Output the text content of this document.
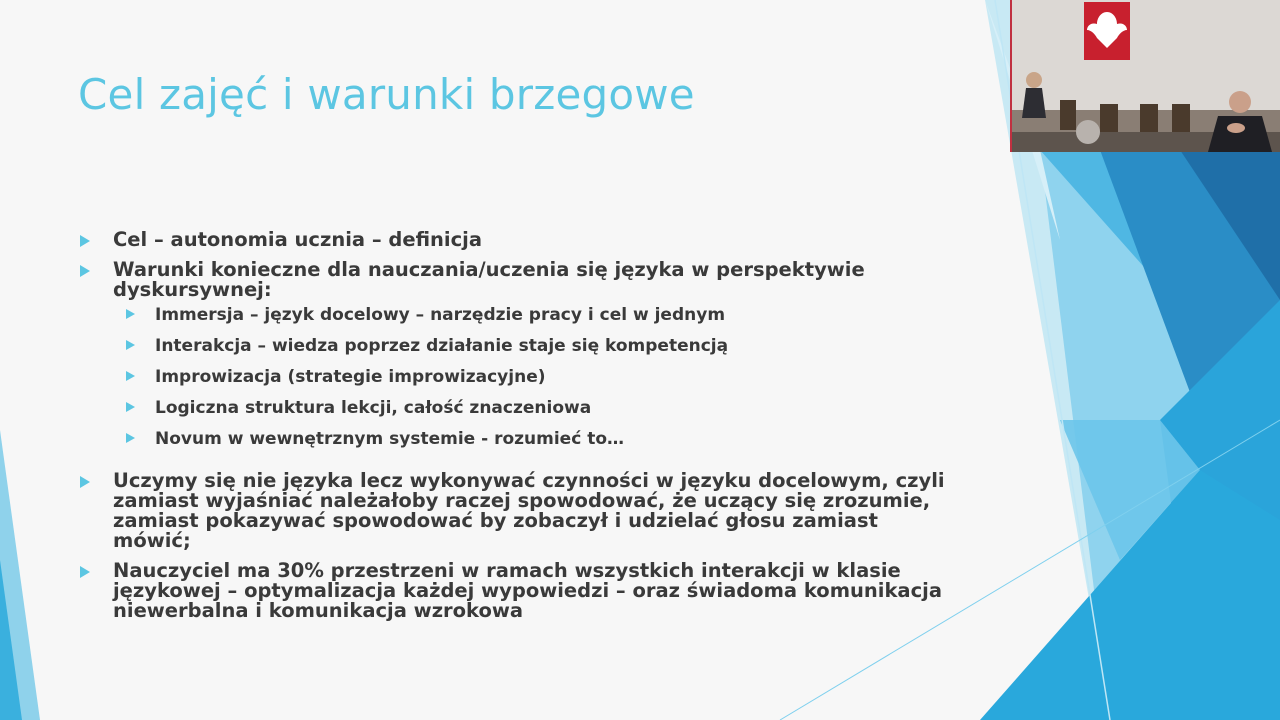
Cel zajęć i warunki brzegowe
Cel – autonomia ucznia – definicja
Warunki konieczne dla nauczania/uczenia się języka w perspektywie dyskursywnej:
Immersja – język docelowy – narzędzie pracy i cel w jednym
Interakcja – wiedza poprzez działanie staje się kompetencją
Improwizacja (strategie improwizacyjne)
Logiczna struktura lekcji, całość znaczeniowa
Novum w wewnętrznym systemie - rozumieć to…
Uczymy się nie języka lecz wykonywać czynności w języku docelowym, czyli zamiast wyjaśniać należałoby raczej spowodować, że uczący się zrozumie, zamiast pokazywać spowodować by zobaczył i udzielać głosu zamiast mówić;
Nauczyciel ma 30% przestrzeni w ramach wszystkich interakcji w klasie językowej – optymalizacja każdej wypowiedzi – oraz świadoma komunikacja niewerbalna i komunikacja wzrokowa
